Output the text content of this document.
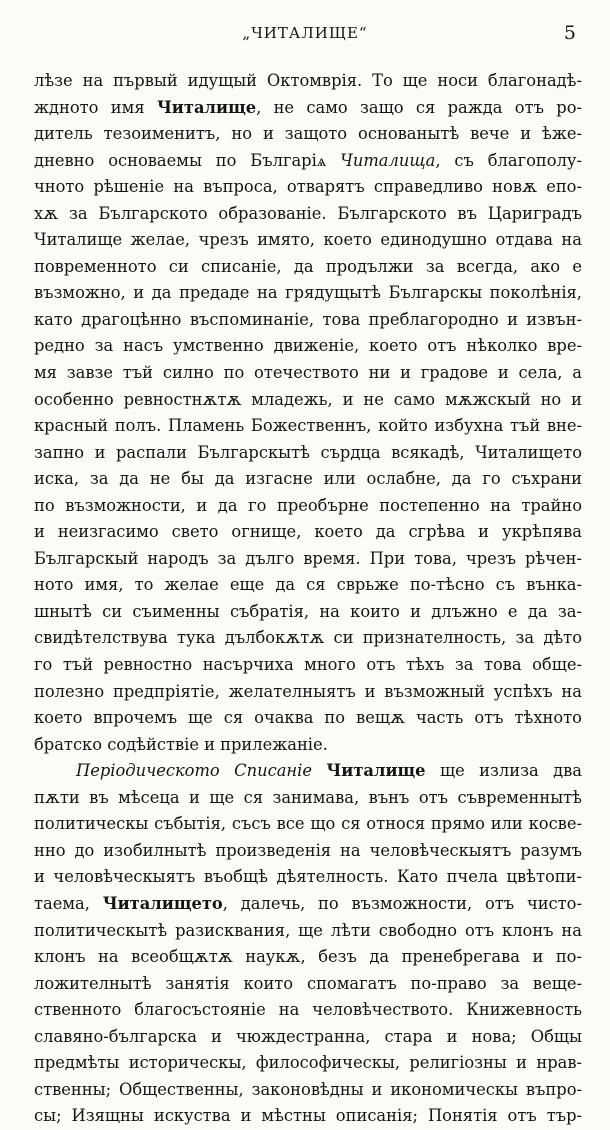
„ЧИТАЛИЩЕ“	5
лѣзе на първый идущый Октомврія. То ще носи благонадѣ-
ждното имя Читалище, не само защо ся ражда отъ ро-
дитель тезоименитъ, но и защото основанытѣ вече и ѣже-
дневно основаемы по Българіѧ Читалища, съ благополу-
чното рѣшеніе на въпроса, отварятъ справедливо новѫ епо-
хѫ за Българското образованіе. Българското въ Цариградъ
Читалище желае, чрезъ имято, което единодушно отдава на
повременното си списаніе, да продължи за всегда, ако е
възможно, и да предаде на грядущытѣ Българскы поколѣнія,
като драгоцѣнно въспоминаніе, това преблагородно и извън-
редно за насъ умственно движеніе, което отъ нѣколко вре-
мя завзе тъй силно по отечеството ни и градове и села, а
особенно ревностнѫтѫ младежь, и не само мѫжскый но и
красный полъ. Пламень Божественнъ, който избухна тъй вне-
запно и распали Българскытѣ сърдца всякадѣ, Читалището
иска, за да не бы да изгасне или ослабне, да го съхрани
по възможности, и да го преобърне постепенно на трайно
и неизгасимо свето огнище, което да сгрѣва и укрѣпява
Българскый народъ за дълго время. При това, чрезъ рѣчен-
ното имя, то желае еще да ся сврьже по-тѣсно съ вънка-
шнытѣ си съименны събратія, на които и длъжно е да за-
свидѣтелствува тука дълбокѫтѫ си признателность, за дѣто
го тъй ревностно насърчиха много отъ тѣхъ за това обще-
полезно предпріятіе, желателныятъ и възможный успѣхъ на
което впрочемъ ще ся очаква по вещѫ часть отъ тѣхното
братско содѣйствіе и прилежаніе.
Періодическото Списаніе Читалище ще излиза два
пѫти въ мѣсеца и ще ся занимава, вънъ отъ съвременнытѣ
политическы събытія, съсъ все що ся относя прямо или косве-
нно до изобилнытѣ произведенія на человѣческыятъ разумъ
и человѣческыятъ въобщѣ дѣятелность. Като пчела цвѣтопи-
таема, Читалището, далечь, по възможности, отъ чисто-
политическытѣ разисквания, ще лѣти свободно отъ клонъ на
клонъ на всеобщѫтѫ наукѫ, безъ да пренебрегава и по-
ложителнытѣ занятія които спомагатъ по-право за веще-
ственното благосъстояніе на человѣчеството. Книжевность
славяно-българска и чюждестранна, стара и нова; Общы
предмѣты историческы, философическы, религіозны и нрав-
ственны; Общественны, законовѣдны и икономическы въпро-
сы; Изящны искуства и мѣстны описанія; Понятія отъ тър-
